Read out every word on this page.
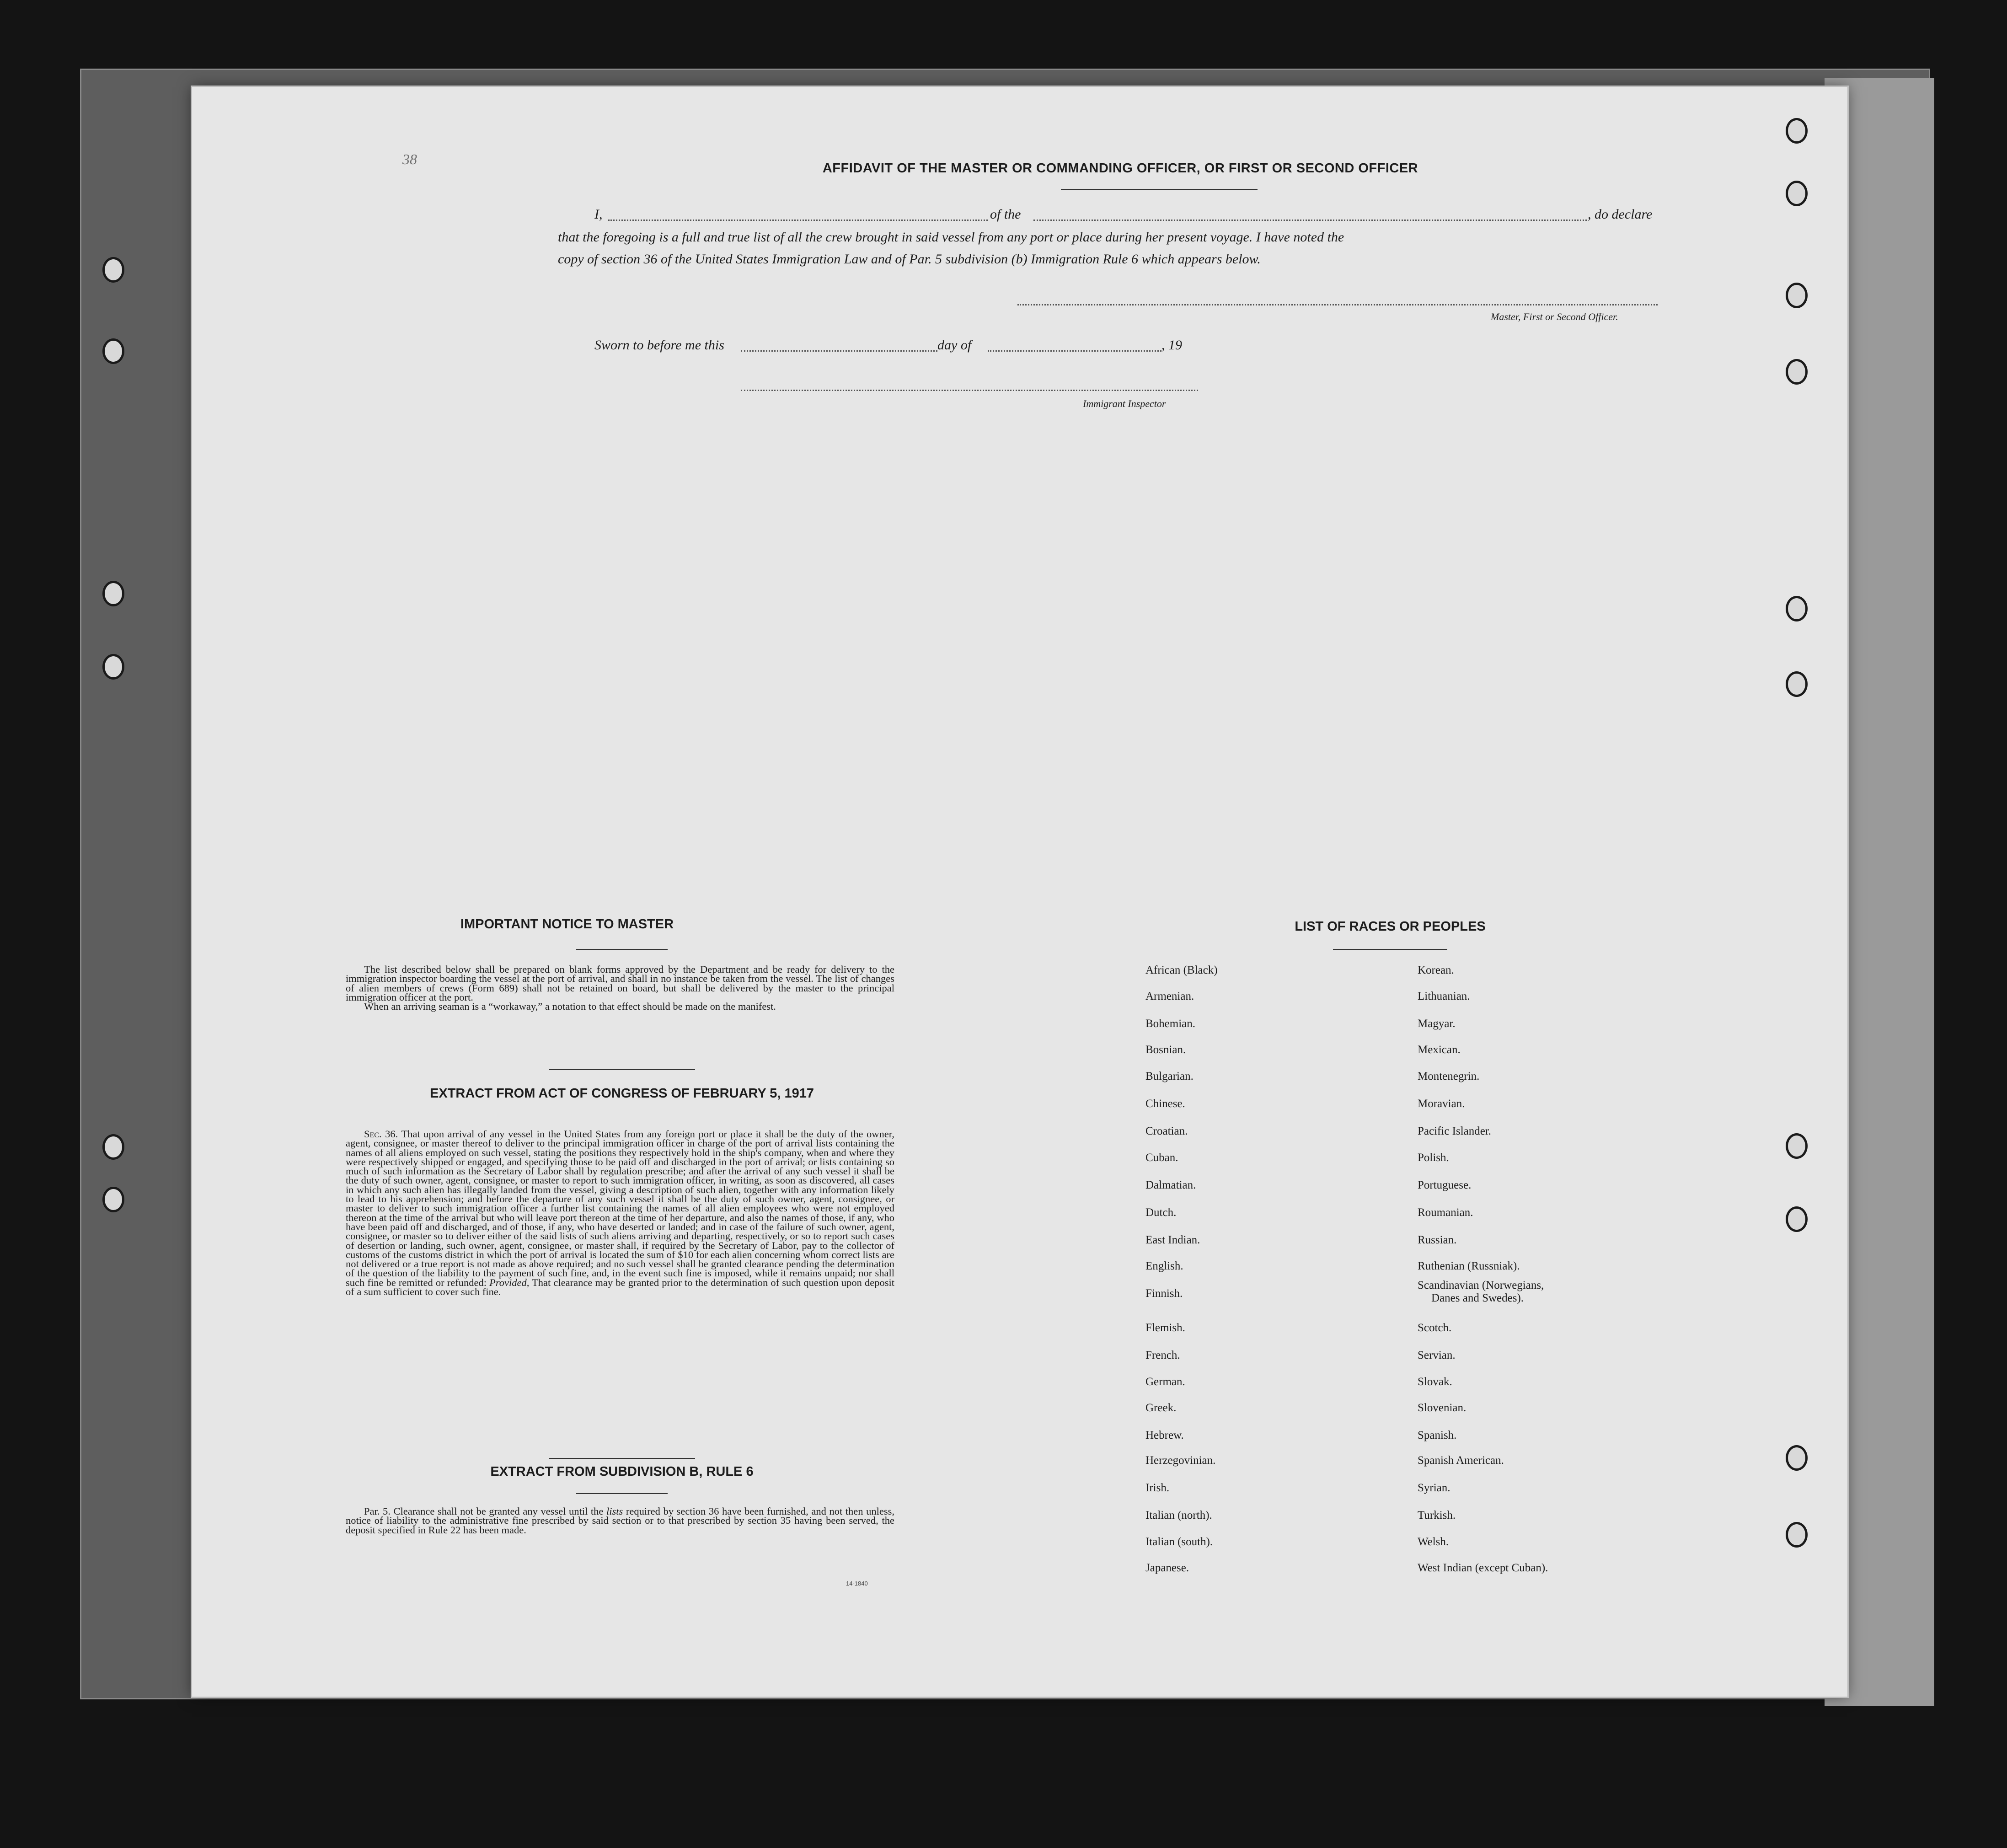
38
AFFIDAVIT OF THE MASTER OR COMMANDING OFFICER, OR FIRST OR SECOND OFFICER
I,	of the	, do declare
that the foregoing is a full and true list of all the crew brought in said vessel from any port or place during her present voyage. I have noted the
copy of section 36 of the United States Immigration Law and of Par. 5 subdivision (b) Immigration Rule 6 which appears below.
Master, First or Second Officer.
Sworn to before me this	day of	, 19
Immigrant Inspector
IMPORTANT NOTICE TO MASTER
The list described below shall be prepared on blank forms approved by the Department and be ready for delivery to the immigration inspector boarding the vessel at the port of arrival, and shall in no instance be taken from the vessel. The list of changes of alien members of crews (Form 689) shall not be retained on board, but shall be delivered by the master to the principal immigration officer at the port.
When an arriving seaman is a “workaway,” a notation to that effect should be made on the manifest.
EXTRACT FROM ACT OF CONGRESS OF FEBRUARY 5, 1917
Sec. 36. That upon arrival of any vessel in the United States from any foreign port or place it shall be the duty of the owner, agent, consignee, or master thereof to deliver to the principal immigration officer in charge of the port of arrival lists containing the names of all aliens employed on such vessel, stating the positions they respectively hold in the ship's company, when and where they were respectively shipped or engaged, and specifying those to be paid off and discharged in the port of arrival; or lists containing so much of such information as the Secretary of Labor shall by regulation prescribe; and after the arrival of any such vessel it shall be the duty of such owner, agent, consignee, or master to report to such immigration officer, in writing, as soon as discovered, all cases in which any such alien has illegally landed from the vessel, giving a description of such alien, together with any information likely to lead to his apprehension; and before the departure of any such vessel it shall be the duty of such owner, agent, consignee, or master to deliver to such immigration officer a further list containing the names of all alien employees who were not employed thereon at the time of the arrival but who will leave port thereon at the time of her departure, and also the names of those, if any, who have been paid off and discharged, and of those, if any, who have deserted or landed; and in case of the failure of such owner, agent, consignee, or master so to deliver either of the said lists of such aliens arriving and departing, respectively, or so to report such cases of desertion or landing, such owner, agent, consignee, or master shall, if required by the Secretary of Labor, pay to the collector of customs of the customs district in which the port of arrival is located the sum of $10 for each alien concerning whom correct lists are not delivered or a true report is not made as above required; and no such vessel shall be granted clearance pending the determination of the question of the liability to the payment of such fine, and, in the event such fine is imposed, while it remains unpaid; nor shall such fine be remitted or refunded: Provided, That clearance may be granted prior to the determination of such question upon deposit of a sum sufficient to cover such fine.
EXTRACT FROM SUBDIVISION B, RULE 6
Par. 5. Clearance shall not be granted any vessel until the lists required by section 36 have been furnished, and not then unless, notice of liability to the administrative fine prescribed by said section or to that prescribed by section 35 having been served, the deposit specified in Rule 22 has been made.
14-1840
LIST OF RACES OR PEOPLES
African (Black)
Armenian.
Bohemian.
Bosnian.
Bulgarian.
Chinese.
Croatian.
Cuban.
Dalmatian.
Dutch.
East Indian.
English.
Finnish.
Flemish.
French.
German.
Greek.
Hebrew.
Herzegovinian.
Irish.
Italian (north).
Italian (south).
Japanese.
Korean.
Lithuanian.
Magyar.
Mexican.
Montenegrin.
Moravian.
Pacific Islander.
Polish.
Portuguese.
Roumanian.
Russian.
Ruthenian (Russniak).
Scandinavian (Norwegians,
Danes and Swedes).
Scotch.
Servian.
Slovak.
Slovenian.
Spanish.
Spanish American.
Syrian.
Turkish.
Welsh.
West Indian (except Cuban).
